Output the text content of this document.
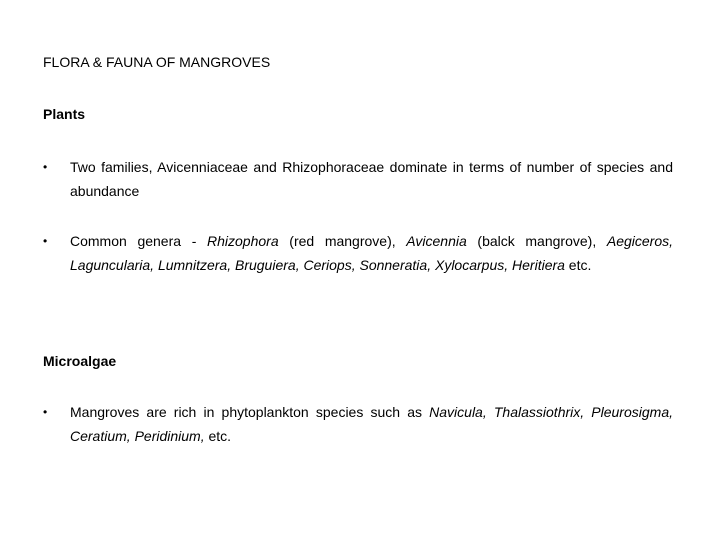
FLORA & FAUNA OF MANGROVES
Plants
•	Two families, Avicenniaceae and Rhizophoraceae dominate in terms of number of species and abundance

•	Common genera - Rhizophora (red mangrove), Avicennia (balck mangrove), Aegiceros, Laguncularia, Lumnitzera, Bruguiera, Ceriops, Sonneratia, Xylocarpus, Heritiera etc.

Microalgae
•	Mangroves are rich in phytoplankton species such as Navicula, Thalassiothrix, Pleurosigma, Ceratium, Peridinium, etc.
